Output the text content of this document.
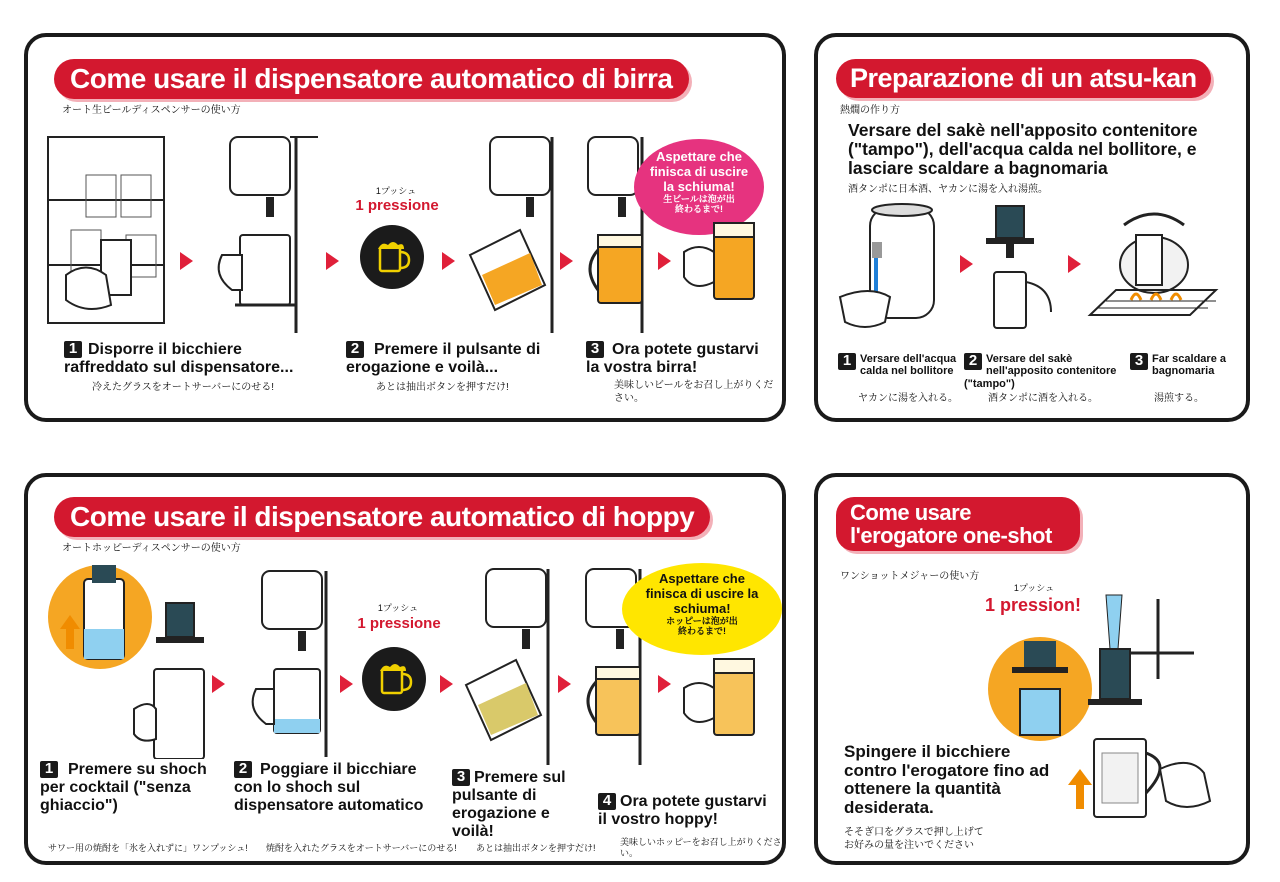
Come usare il dispensatore automatico di birra
オート生ビールディスペンサーの使い方
1プッシュ
1 pressione
Aspettare che finisca di uscire la schiuma!
生ビールは泡が出終わるまで!
1 Disporre il bicchiere raffreddato sul dispensatore...
冷えたグラスをオートサーバーにのせる!
2 Premere il pulsante di erogazione e voilà...
あとは抽出ボタンを押すだけ!
3 Ora potete gustarvi la vostra birra!
美味しいビールをお召し上がりください。
Preparazione di un atsu-kan
熱燗の作り方
Versare del sakè nell'apposito contenitore ("tampo"), dell'acqua calda nel bollitore, e lasciare scaldare a bagnomaria
酒タンポに日本酒、ヤカンに湯を入れ湯煎。
1 Versare dell'acqua calda nel bollitore
ヤカンに湯を入れる。
2 Versare del sakè nell'apposito contenitore ("tampo")
酒タンポに酒を入れる。
3 Far scaldare a bagnomaria
湯煎する。
Come usare il dispensatore automatico di hoppy
オートホッピーディスペンサーの使い方
1プッシュ
1 pressione
Aspettare che finisca di uscire la schiuma!
ホッピーは泡が出終わるまで!
1 Premere su shoch per cocktail ("senza ghiaccio")
サワー用の焼酎を「氷を入れずに」ワンプッシュ!
2 Poggiare il bicchiare con lo shoch sul dispensatore automatico
焼酎を入れたグラスをオートサーバーにのせる!
3 Premere sul pulsante di erogazione e voilà!
あとは抽出ボタンを押すだけ!
4 Ora potete gustarvi il vostro hoppy!
美味しいホッピーをお召し上がりください。
Come usare
l'erogatore one-shot
ワンショットメジャーの使い方
1プッシュ
1 pression!
Spingere il bicchiere contro l'erogatore fino ad ottenere la quantità desiderata.
そそぎ口をグラスで押し上げて お好みの量を注いでください
